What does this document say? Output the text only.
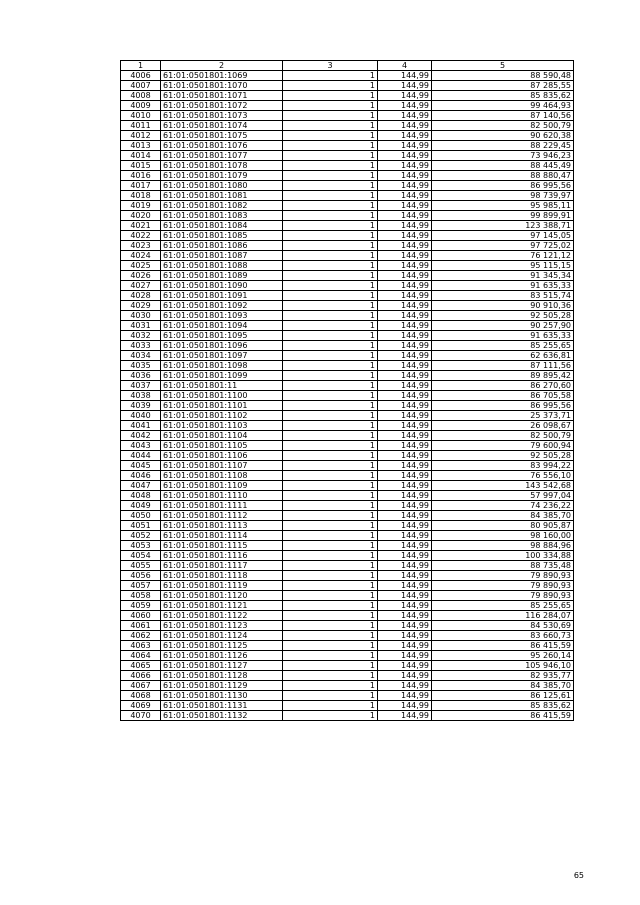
1	2	3	4	5
4006	61:01:0501801:1069	1	144,99	88 590,48
4007	61:01:0501801:1070	1	144,99	87 285,55
4008	61:01:0501801:1071	1	144,99	85 835,62
4009	61:01:0501801:1072	1	144,99	99 464,93
4010	61:01:0501801:1073	1	144,99	87 140,56
4011	61:01:0501801:1074	1	144,99	82 500,79
4012	61:01:0501801:1075	1	144,99	90 620,38
4013	61:01:0501801:1076	1	144,99	88 229,45
4014	61:01:0501801:1077	1	144,99	73 946,23
4015	61:01:0501801:1078	1	144,99	88 445,49
4016	61:01:0501801:1079	1	144,99	88 880,47
4017	61:01:0501801:1080	1	144,99	86 995,56
4018	61:01:0501801:1081	1	144,99	98 739,97
4019	61:01:0501801:1082	1	144,99	95 985,11
4020	61:01:0501801:1083	1	144,99	99 899,91
4021	61:01:0501801:1084	1	144,99	123 388,71
4022	61:01:0501801:1085	1	144,99	97 145,05
4023	61:01:0501801:1086	1	144,99	97 725,02
4024	61:01:0501801:1087	1	144,99	76 121,12
4025	61:01:0501801:1088	1	144,99	95 115,15
4026	61:01:0501801:1089	1	144,99	91 345,34
4027	61:01:0501801:1090	1	144,99	91 635,33
4028	61:01:0501801:1091	1	144,99	83 515,74
4029	61:01:0501801:1092	1	144,99	90 910,36
4030	61:01:0501801:1093	1	144,99	92 505,28
4031	61:01:0501801:1094	1	144,99	90 257,90
4032	61:01:0501801:1095	1	144,99	91 635,33
4033	61:01:0501801:1096	1	144,99	85 255,65
4034	61:01:0501801:1097	1	144,99	62 636,81
4035	61:01:0501801:1098	1	144,99	87 111,56
4036	61:01:0501801:1099	1	144,99	89 895,42
4037	61:01:0501801:11	1	144,99	86 270,60
4038	61:01:0501801:1100	1	144,99	86 705,58
4039	61:01:0501801:1101	1	144,99	86 995,56
4040	61:01:0501801:1102	1	144,99	25 373,71
4041	61:01:0501801:1103	1	144,99	26 098,67
4042	61:01:0501801:1104	1	144,99	82 500,79
4043	61:01:0501801:1105	1	144,99	79 600,94
4044	61:01:0501801:1106	1	144,99	92 505,28
4045	61:01:0501801:1107	1	144,99	83 994,22
4046	61:01:0501801:1108	1	144,99	76 556,10
4047	61:01:0501801:1109	1	144,99	143 542,68
4048	61:01:0501801:1110	1	144,99	57 997,04
4049	61:01:0501801:1111	1	144,99	74 236,22
4050	61:01:0501801:1112	1	144,99	84 385,70
4051	61:01:0501801:1113	1	144,99	80 905,87
4052	61:01:0501801:1114	1	144,99	98 160,00
4053	61:01:0501801:1115	1	144,99	98 884,96
4054	61:01:0501801:1116	1	144,99	100 334,88
4055	61:01:0501801:1117	1	144,99	88 735,48
4056	61:01:0501801:1118	1	144,99	79 890,93
4057	61:01:0501801:1119	1	144,99	79 890,93
4058	61:01:0501801:1120	1	144,99	79 890,93
4059	61:01:0501801:1121	1	144,99	85 255,65
4060	61:01:0501801:1122	1	144,99	116 284,07
4061	61:01:0501801:1123	1	144,99	84 530,69
4062	61:01:0501801:1124	1	144,99	83 660,73
4063	61:01:0501801:1125	1	144,99	86 415,59
4064	61:01:0501801:1126	1	144,99	95 260,14
4065	61:01:0501801:1127	1	144,99	105 946,10
4066	61:01:0501801:1128	1	144,99	82 935,77
4067	61:01:0501801:1129	1	144,99	84 385,70
4068	61:01:0501801:1130	1	144,99	86 125,61
4069	61:01:0501801:1131	1	144,99	85 835,62
4070	61:01:0501801:1132	1	144,99	86 415,59
65
